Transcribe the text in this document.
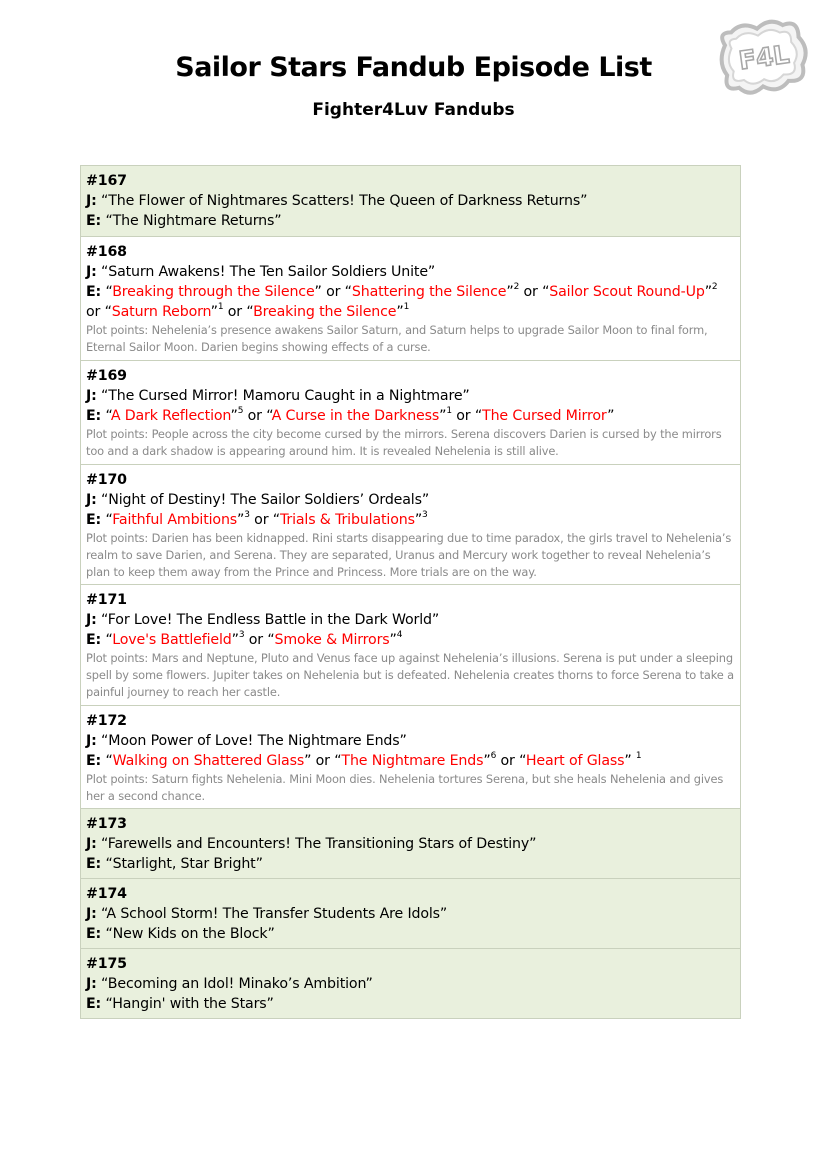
F4L
Sailor Stars Fandub Episode List
Fighter4Luv Fandubs
#167
J: “The Flower of Nightmares Scatters! The Queen of Darkness Returns”
E: “The Nightmare Returns”
#168
J: “Saturn Awakens! The Ten Sailor Soldiers Unite”
E: “Breaking through the Silence” or “Shattering the Silence”$^2$ or “Sailor Scout Round-Up”$^2$
or “Saturn Reborn”$^1$ or “Breaking the Silence”$^1$
Plot points: Nehelenia’s presence awakens Sailor Saturn, and Saturn helps to upgrade Sailor Moon to final form, Eternal Sailor Moon. Darien begins showing effects of a curse.
#169
J: “The Cursed Mirror! Mamoru Caught in a Nightmare”
E: “A Dark Reflection”$^5$ or “A Curse in the Darkness”$^1$ or “The Cursed Mirror”
Plot points: People across the city become cursed by the mirrors. Serena discovers Darien is cursed by the mirrors too and a dark shadow is appearing around him. It is revealed Nehelenia is still alive.
#170
J: “Night of Destiny! The Sailor Soldiers’ Ordeals”
E: “Faithful Ambitions”$^3$ or “Trials & Tribulations”$^3$
Plot points: Darien has been kidnapped. Rini starts disappearing due to time paradox, the girls travel to Nehelenia’s realm to save Darien, and Serena. They are separated, Uranus and Mercury work together to reveal Nehelenia’s plan to keep them away from the Prince and Princess. More trials are on the way.
#171
J: “For Love! The Endless Battle in the Dark World”
E: “Love's Battlefield”$^3$ or “Smoke & Mirrors”$^4$
Plot points: Mars and Neptune, Pluto and Venus face up against Nehelenia’s illusions. Serena is put under a sleeping spell by some flowers. Jupiter takes on Nehelenia but is defeated. Nehelenia creates thorns to force Serena to take a painful journey to reach her castle.
#172
J: “Moon Power of Love! The Nightmare Ends”
E: “Walking on Shattered Glass” or “The Nightmare Ends”$^6$ or “Heart of Glass” $^1$
Plot points: Saturn fights Nehelenia. Mini Moon dies. Nehelenia tortures Serena, but she heals Nehelenia and gives her a second chance.
#173
J: “Farewells and Encounters! The Transitioning Stars of Destiny”
E: “Starlight, Star Bright”
#174
J: “A School Storm! The Transfer Students Are Idols”
E: “New Kids on the Block”
#175
J: “Becoming an Idol! Minako’s Ambition”
E: “Hangin' with the Stars”
